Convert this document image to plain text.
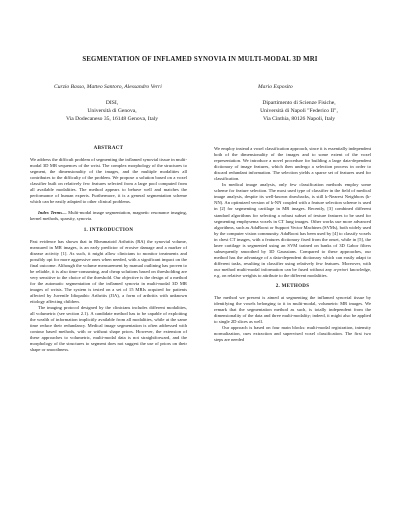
SEGMENTATION OF INFLAMED SYNOVIA IN MULTI-MODAL 3D MRI
Curzio Basso, Matteo Santoro, Alessandro Verri	Mario Esposito
DISI,
Università di Genova,
Via Dodecaneso 35, 16148 Genova, Italy
Dipartimento di Scienze Fisiche,
Università di Napoli "Federico II",
Via Cinthia, 80126 Napoli, Italy
ABSTRACT

We address the difficult problem of segmenting the inflamed synovial tissue in multi-modal 3D MR sequences of the wrist. The complex morphology of the structures to segment, the dimensionality of the images, and the multiple modalities all contributes to the difficulty of the problem. We propose a solution based on a voxel classifier built on relatively few features selected from a large pool computed from all available modalities. The method appears to behave well and matches the performance of human experts. Furthermore, it is a general segmentation scheme which can be easily adapted to other clinical problems.

Index Terms— Multi-modal image segmentation, magnetic resonance imaging, kernel methods, sparsity, synovia.

1. INTRODUCTION

Past evidence has shown that in Rheumatoid Arthritis (RA) the synovial volume, measured in MR images, is an early predictor of erosive damage and a marker of disease activity [1]. As such, it might allow clinicians to monitor treatments and possibly opt for more aggressive ones when needed, with a significant impact on the final outcome. Although the volume measurement by manual outlining has proven to be reliable, it is also time-consuming, and cheap solutions based on thresholding are very sensitive to the choice of the threshold. Our objective is the design of a method for the automatic segmentation of the inflamed synovia in multi-modal 3D MR images of wrists. The system is tested on a set of 15 MRIs acquired for patients affected by Juvenile Idiopathic Arthritis (JIA), a form of arthritis with unknown etiology affecting children.

The imaging protocol designed by the clinicians includes different modalities, all volumetric (see section 2.1). A candidate method has to be capable of exploiting the wealth of information implicitly available from all modalities, while at the same time reduce their redundancy. Medical image segmentation is often addressed with contour based methods, with or without shape priors. However, the extension of these approaches to volumetric, multi-modal data is not straightforward, and the morphology of the structures to segment does not suggest the use of priors on their shape or smoothness.

We employ instead a voxel classification approach, since it is essentially independent both of the dimensionality of the images and to some extent of the voxel representation. We introduce a novel procedure for building a large data-dependent dictionary of image features, which then undergo a selection process in order to discard redundant information. The selection yields a sparse set of features used for classification.

In medical image analysis, only few classification methods employ some scheme for feature selection. The most used type of classifier in the field of medical image analysis, despite its well-known drawbacks, is still k-Nearest Neighbors (k-NN). An optimized version of k-NN coupled with a feature selection scheme is used in [2] for segmenting cartilage in MR images. Recently, [3] combined different standard algorithms for selecting a robust subset of texture features to be used for segmenting emphysema voxels in CT lung images. Other works use more advanced algorithms, such as AdaBoost or Support Vector Machines (SVMs), both widely used by the computer vision community. AdaBoost has been used by [4] to classify voxels in chest CT images, with a features dictionary fixed from the onset, while in [5], the knee cartilage is segmented using an SVM trained on banks of 3D Gabor filters subsequently smoothed by 3D Gaussians. Compared to these approaches, our method has the advantage of a data-dependent dictionary which can easily adapt to different tasks, resulting in classifier using relatively few features. Moreover, with our method multi-modal information can be fused without any a-priori knowledge, e.g. on relative weights to attribute to the different modalities.

2. METHODS

The method we present is aimed at segmenting the inflamed synovial tissue by identifying the voxels belonging to it in multi-modal, volumetric MR images. We remark that the segmentation method as such, is totally independent from the dimensionality of the data and three multi-modality; indeed, it might also be applied to single 2D slices as well.

Our approach is based on four main blocks: multi-modal registration, intensity normalization, cues extraction and supervised voxel classification. The first two steps are needed
